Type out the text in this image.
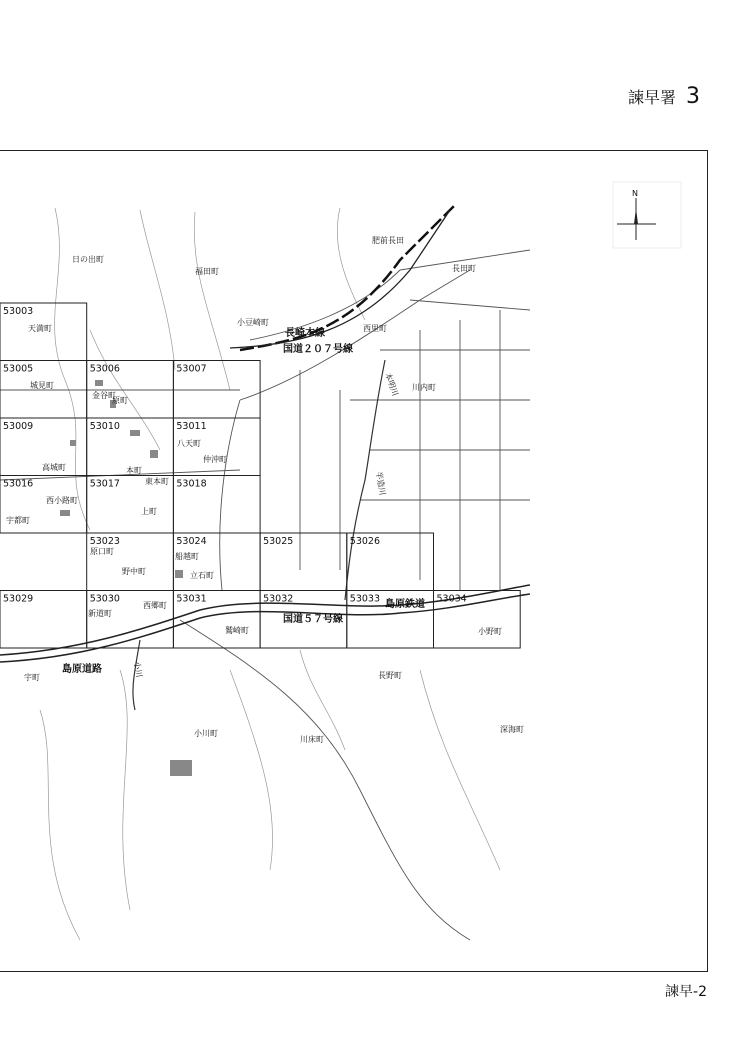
諫早署 3
N
53003
53005	53006	53007
53009	53010	53011
53016	53017	53018
53023	53024	53025	53026
53029	53030	53031	53032	53033	53034
日の出町
福田町
肥前長田
長田町
天満町
小豆崎町
西里町
城見町
金谷町
原町
川内町
八天町
仲沖町
高城町	本町
東本町
西小路町
宇都町
船越町
立石町
野中町
原口町
新道町
西郷町
鷲崎町
長野町
小川町
川床町
深海町
小野町
上町
宇町
長崎本線
国道２０７号線
国道５７号線
島原鉄道
島原道路
本明川
小川
半造川
諫早-2
